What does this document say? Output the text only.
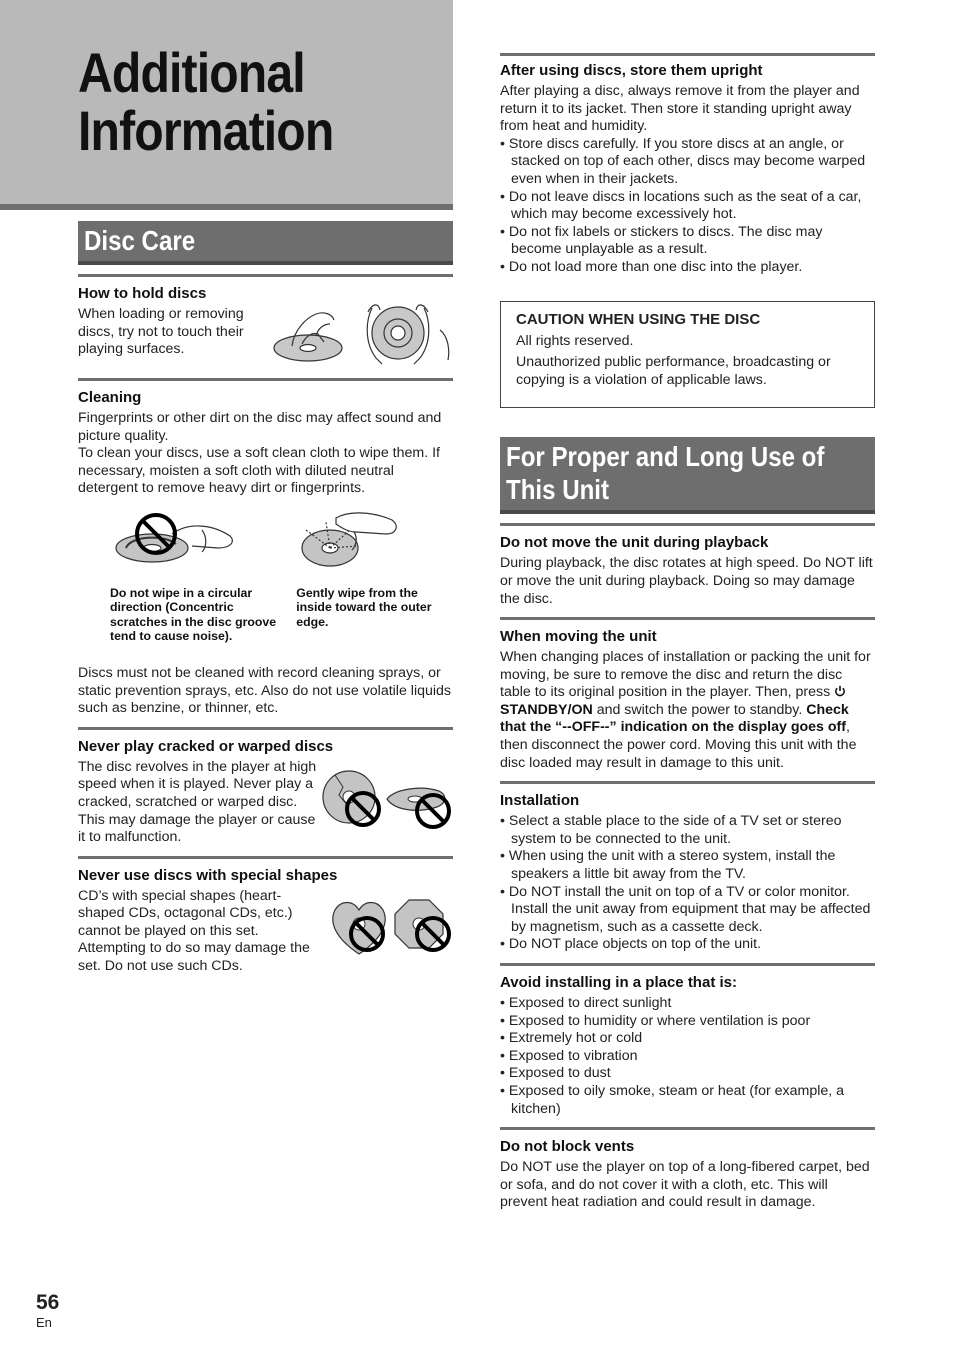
Additional
Information
Disc Care
How to hold discs

When loading or removing discs, try not to touch their playing surfaces.

Cleaning

Fingerprints or other dirt on the disc may affect sound and picture quality.

To clean your discs, use a soft clean cloth to wipe them. If necessary, moisten a soft cloth with diluted neutral detergent to remove heavy dirt or fingerprints.

Do not wipe in a circular direction (Concentric scratches in the disc groove tend to cause noise).
Gently wipe from the inside toward the outer edge.

Discs must not be cleaned with record cleaning sprays, or static prevention sprays, etc. Also do not use volatile liquids such as benzine, or thinner, etc.

Never play cracked or warped discs

The disc revolves in the player at high speed when it is played. Never play a cracked, scratched or warped disc. This may damage the player or cause it to malfunction.

Never use discs with special shapes

CD’s with special shapes (heart-shaped CDs, octagonal CDs, etc.) cannot be played on this set. Attempting to do so may damage the set. Do not use such CDs.

After using discs, store them upright

After playing a disc, always remove it from the player and return it to its jacket. Then store it standing upright away from heat and humidity.

• Store discs carefully. If you store discs at an angle, or stacked on top of each other, discs may become warped even when in their jackets.
• Do not leave discs in locations such as the seat of a car, which may become excessively hot.
• Do not fix labels or stickers to discs. The disc may become unplayable as a result.
• Do not load more than one disc into the player.
CAUTION WHEN USING THE DISC

All rights reserved.

Unauthorized public performance, broadcasting or copying is a violation of applicable laws.

For Proper and Long Use of
This Unit
Do not move the unit during playback

During playback, the disc rotates at high speed. Do NOT lift or move the unit during playback. Doing so may damage the disc.

When moving the unit

When changing places of installation or packing the unit for moving, be sure to remove the disc and return the disc table to its original position in the player. Then, press  STANDBY/ON and switch the power to standby. Check that the “--OFF--” indication on the display goes off, then disconnect the power cord. Moving this unit with the disc loaded may result in damage to this unit.

Installation
• Select a stable place to the side of a TV set or stereo system to be connected to the unit.
• When using the unit with a stereo system, install the speakers a little bit away from the TV.
• Do NOT install the unit on top of a TV or color monitor. Install the unit away from equipment that may be affected by magnetism, such as a cassette deck.
• Do NOT place objects on top of the unit.
Avoid installing in a place that is:
• Exposed to direct sunlight
• Exposed to humidity or where ventilation is poor
• Extremely hot or cold
• Exposed to vibration
• Exposed to dust
• Exposed to oily smoke, steam or heat (for example, a kitchen)
Do not block vents

Do NOT use the player on top of a long-fibered carpet, bed or sofa, and do not cover it with a cloth, etc. This will prevent heat radiation and could result in damage.

56
En
